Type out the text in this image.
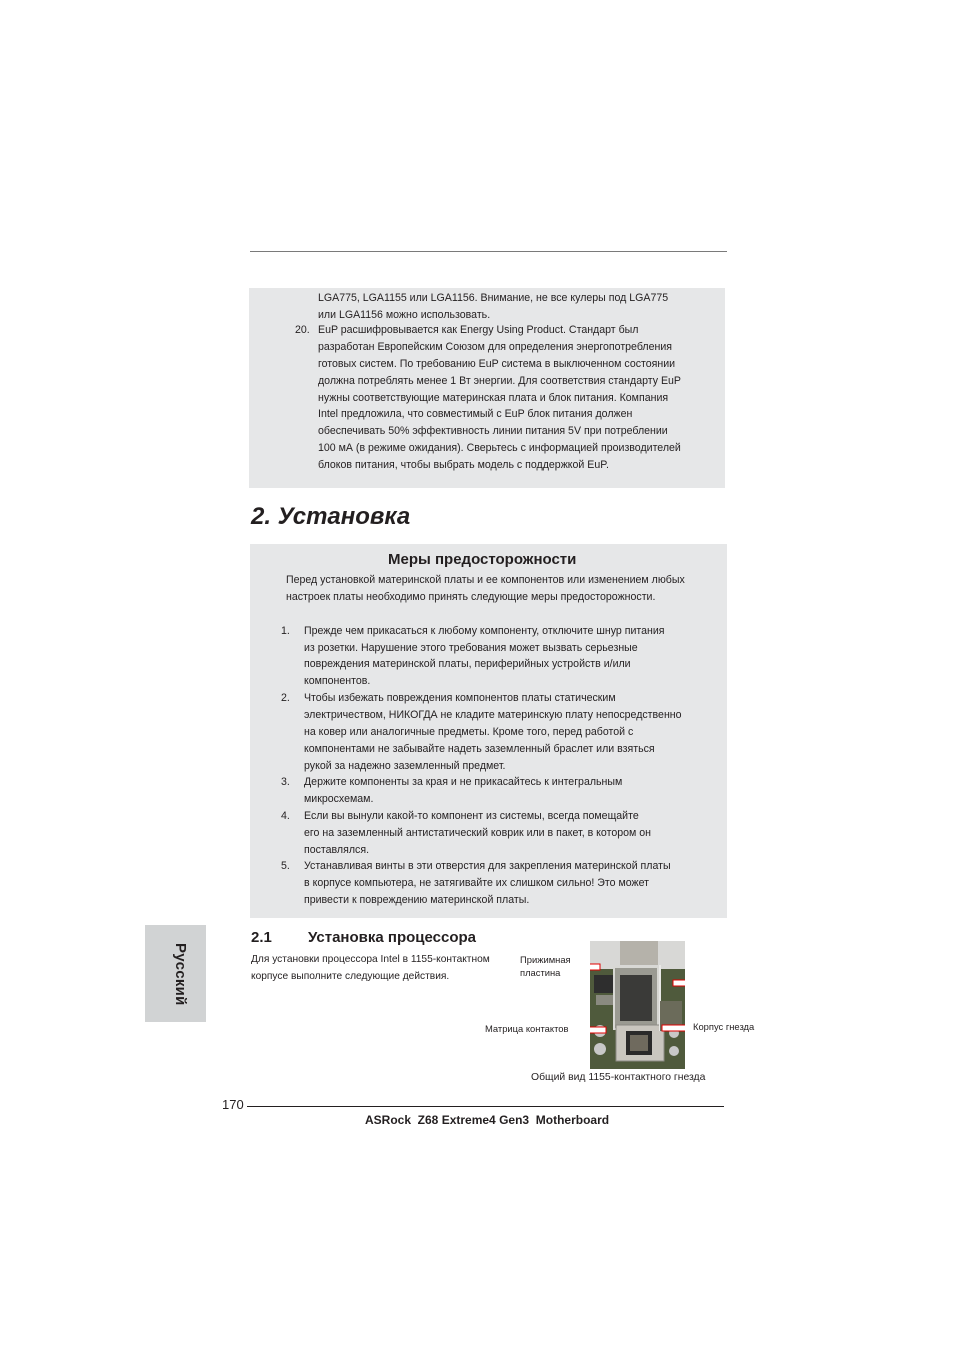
LGA775, LGA1155 или LGA1156. Внимание, не все кулеры под LGA775
или LGA1156 можно использовать.
20. EuP расшифровывается как Energy Using Product. Стандарт был
разработан Европейским Союзом для определения энергопотребления
готовых систем. По требованию EuP система в выключенном состоянии
должна потреблять менее 1 Вт энергии. Для соответствия стандарту EuP
нужны соответствующие материнская плата и блок питания. Компания
Intel предложила, что совместимый с EuP блок питания должен
обеспечивать 50% эффективность линии питания 5V при потреблении
100 мА (в режиме ожидания). Сверьтесь с информацией производителей
блоков питания, чтобы выбрать модель с поддержкой EuP.
2. Установка
Меры предосторожности
Перед установкой материнской платы и ее компонентов или изменением любых
настроек платы необходимо принять следующие меры предосторожности.
1. Прежде чем прикасаться к любому компоненту, отключите шнур питания
из розетки. Нарушение этого требования может вызвать серьезные
повреждения материнской платы, периферийных устройств и/или
компонентов.
2. Чтобы избежать повреждения компонентов платы статическим
электричеством, НИКОГДА не кладите материнскую плату непосредственно
на ковер или аналогичные предметы. Кроме того, перед работой с
компонентами не забывайте надеть заземленный браслет или взяться
рукой за надежно заземленный предмет.
3. Держите компоненты за края и не прикасайтесь к интегральным
микросхемам.
4. Если вы вынули какой-то компонент из системы, всегда помещайте
его на заземленный антистатический коврик или в пакет, в котором он
поставлялся.
5. Устанавливая винты в эти отверстия для закрепления материнской платы
в корпусе компьютера, не затягивайте их слишком сильно! Это может
привести к повреждению материнской платы.
Русский
2.1 Установка процессора
Для установки процессора Intel в 1155-контактном
корпусе выполните следующие действия.
Прижимная
пластина
Матрица контактов	Корпус гнезда
Общий вид 1155-контактного гнезда
170
ASRock  Z68 Extreme4 Gen3  Motherboard
